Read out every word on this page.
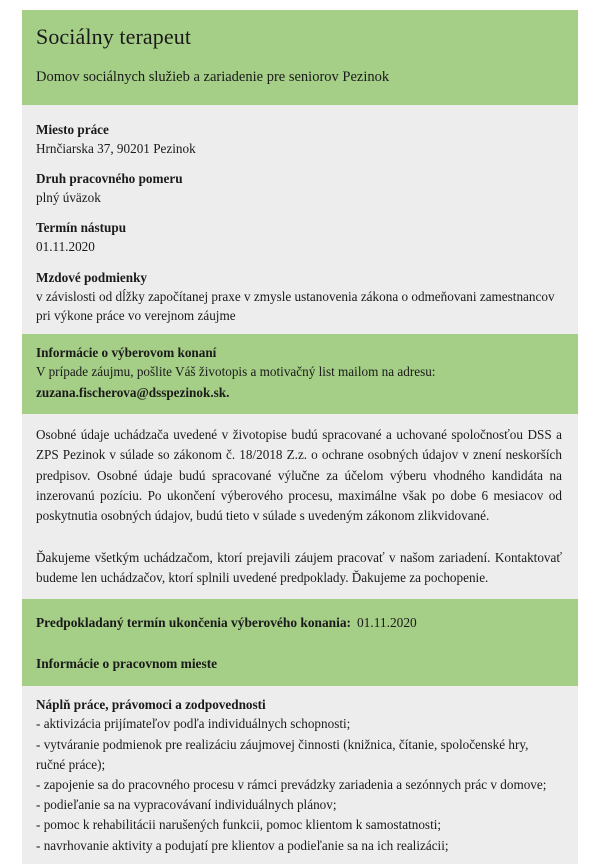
Sociálny terapeut
Domov sociálnych služieb a zariadenie pre seniorov Pezinok
Miesto práce
Hrnčiarska 37, 90201 Pezinok
Druh pracovného pomeru
plný úväzok
Termín nástupu
01.11.2020
Mzdové podmienky
v závislosti od dĺžky započítanej praxe v zmysle ustanovenia zákona o odmeňovani zamestnancov pri výkone práce vo verejnom záujme
Informácie o výberovom konaní
V prípade záujmu, pošlite Váš životopis a motivačný list mailom na adresu:
zuzana.fischerova@dsspezinok.sk.

Osobné údaje uchádzača uvedené v životopise budú spracované a uchované spoločnosťou DSS a ZPS Pezinok v súlade so zákonom č. 18/2018 Z.z. o ochrane osobných údajov v znení neskorších predpisov. Osobné údaje budú spracované výlučne za účelom výberu vhodného kandidáta na inzerovanú pozíciu. Po ukončení výberového procesu, maximálne však po dobe 6 mesiacov od poskytnutia osobných údajov, budú tieto v súlade s uvedeným zákonom zlikvidované.

Ďakujeme všetkým uchádzačom, ktorí prejavili záujem pracovať v našom zariadení. Kontaktovať budeme len uchádzačov, ktorí splnili uvedené predpoklady. Ďakujeme za pochopenie.

Predpokladaný termín ukončenia výberového konania: 01.11.2020
Informácie o pracovnom mieste
Náplň práce, právomoci a zodpovednosti
- aktivizácia prijímateľov podľa individuálnych schopnosti;
- vytváranie podmienok pre realizáciu záujmovej činnosti (knižnica, čítanie, spoločenské hry, ručné práce);
- zapojenie sa do pracovného procesu v rámci prevádzky zariadenia a sezónnych prác v domove;
- podieľanie sa na vypracovávaní individuálnych plánov;
- pomoc k rehabilitácii narušených funkcii, pomoc klientom k samostatnosti;
- navrhovanie aktivity a podujatí pre klientov a podieľanie sa na ich realizácii;
